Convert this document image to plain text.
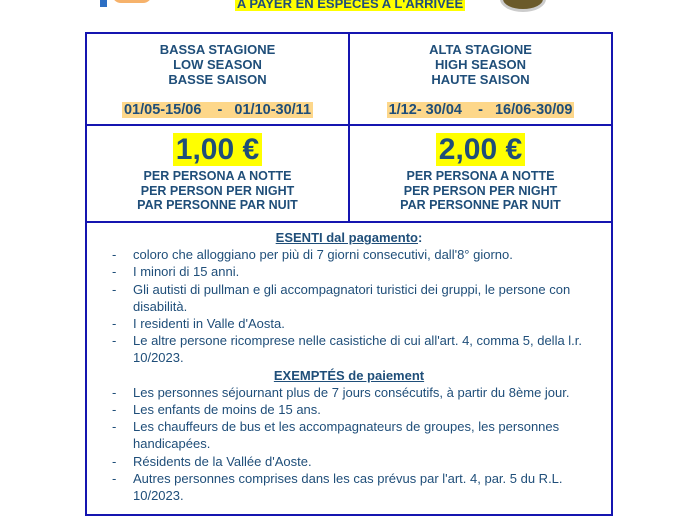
A PAYER EN ESPECES A L'ARRIVEE
BASSA STAGIONE
LOW SEASON
BASSE SAISON
01/05-15/06    -   01/10-30/11
ALTA STAGIONE
HIGH SEASON
HAUTE SAISON
1/12- 30/04    -   16/06-30/09
1,00 €
PER PERSONA A NOTTE
PER PERSON PER NIGHT
PAR PERSONNE PAR NUIT
2,00 €
PER PERSONA A NOTTE
PER PERSON PER NIGHT
PAR PERSONNE PAR NUIT
ESENTI dal pagamento:
- coloro che alloggiano per più di 7 giorni consecutivi, dall'8° giorno.
- I minori di 15 anni.
- Gli autisti di pullman e gli accompagnatori turistici dei gruppi, le persone con disabilità.
- I residenti in Valle d'Aosta.
- Le altre persone ricomprese nelle casistiche di cui all'art. 4, comma 5, della l.r. 10/2023.
EXEMPTÉS de paiement
- Les personnes séjournant plus de 7 jours consécutifs, à partir du 8ème jour.
- Les enfants de moins de 15 ans.
- Les chauffeurs de bus et les accompagnateurs de groupes, les personnes handicapées.
- Résidents de la Vallée d'Aoste.
- Autres personnes comprises dans les cas prévus par l'art. 4, par. 5 du R.L. 10/2023.
